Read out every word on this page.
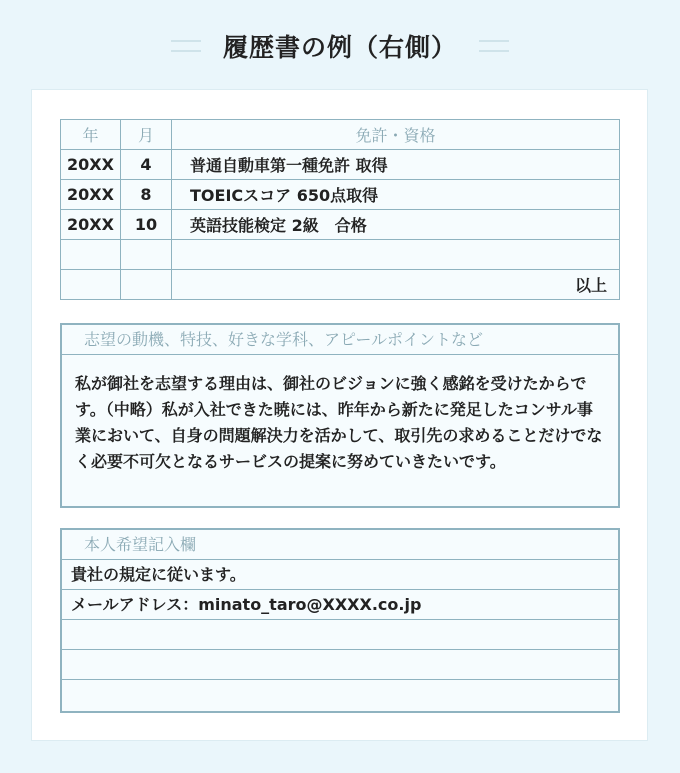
履歴書の例（右側）
年	月	免許・資格
20XX	4	普通自動車第一種免許 取得
20XX	8	TOEICスコア 650点取得
20XX	10	英語技能検定 2級　合格

		以上
志望の動機、特技、好きな学科、アピールポイントなど
私が御社を志望する理由は、御社のビジョンに強く感銘を受けたからです。（中略）私が入社できた暁には、昨年から新たに発足したコンサル事業において、自身の問題解決力を活かして、取引先の求めることだけでなく必要不可欠となるサービスの提案に努めていきたいです。
本人希望記入欄
貴社の規定に従います。
メールアドレス：minato_taro@XXXX.co.jp
